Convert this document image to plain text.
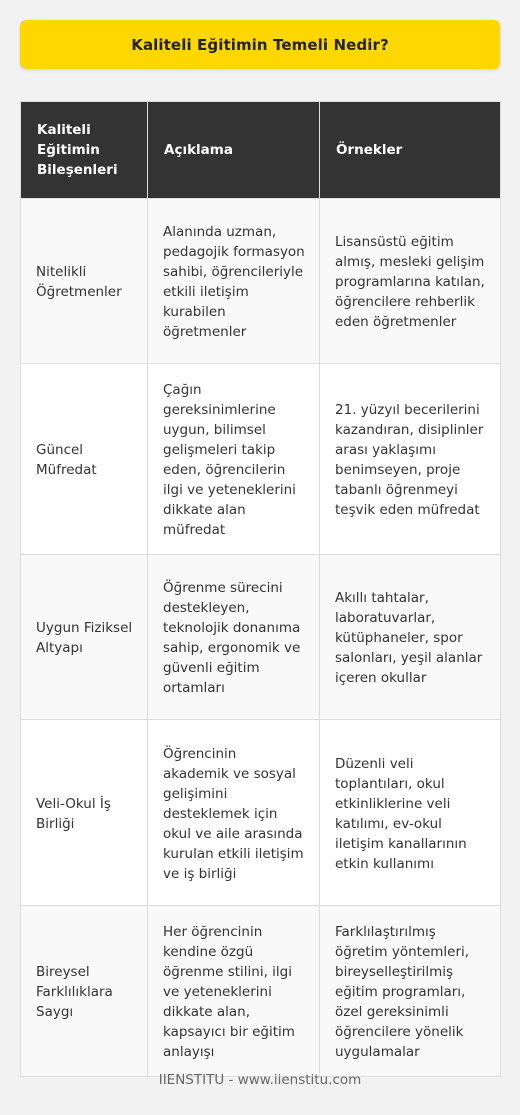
Kaliteli Eğitimin Temeli Nedir?
Kaliteli Eğitimin Bileşenleri	Açıklama	Örnekler
Nitelikli Öğretmenler	Alanında uzman, pedagojik formasyon sahibi, öğrencileriyle etkili iletişim kurabilen öğretmenler	Lisansüstü eğitim almış, mesleki gelişim programlarına katılan, öğrencilere rehberlik eden öğretmenler
Güncel Müfredat	Çağın gereksinimlerine uygun, bilimsel gelişmeleri takip eden, öğrencilerin ilgi ve yeteneklerini dikkate alan müfredat	21. yüzyıl becerilerini kazandıran, disiplinler arası yaklaşımı benimseyen, proje tabanlı öğrenmeyi teşvik eden müfredat
Uygun Fiziksel Altyapı	Öğrenme sürecini destekleyen, teknolojik donanıma sahip, ergonomik ve güvenli eğitim ortamları	Akıllı tahtalar, laboratuvarlar, kütüphaneler, spor salonları, yeşil alanlar içeren okullar
Veli-Okul İş Birliği	Öğrencinin akademik ve sosyal gelişimini desteklemek için okul ve aile arasında kurulan etkili iletişim ve iş birliği	Düzenli veli toplantıları, okul etkinliklerine veli katılımı, ev-okul iletişim kanallarının etkin kullanımı
Bireysel Farklılıklara Saygı	Her öğrencinin kendine özgü öğrenme stilini, ilgi ve yeteneklerini dikkate alan, kapsayıcı bir eğitim anlayışı	Farklılaştırılmış öğretim yöntemleri, bireyselleştirilmiş eğitim programları, özel gereksinimli öğrencilere yönelik uygulamalar
IIENSTITU - www.iienstitu.com
